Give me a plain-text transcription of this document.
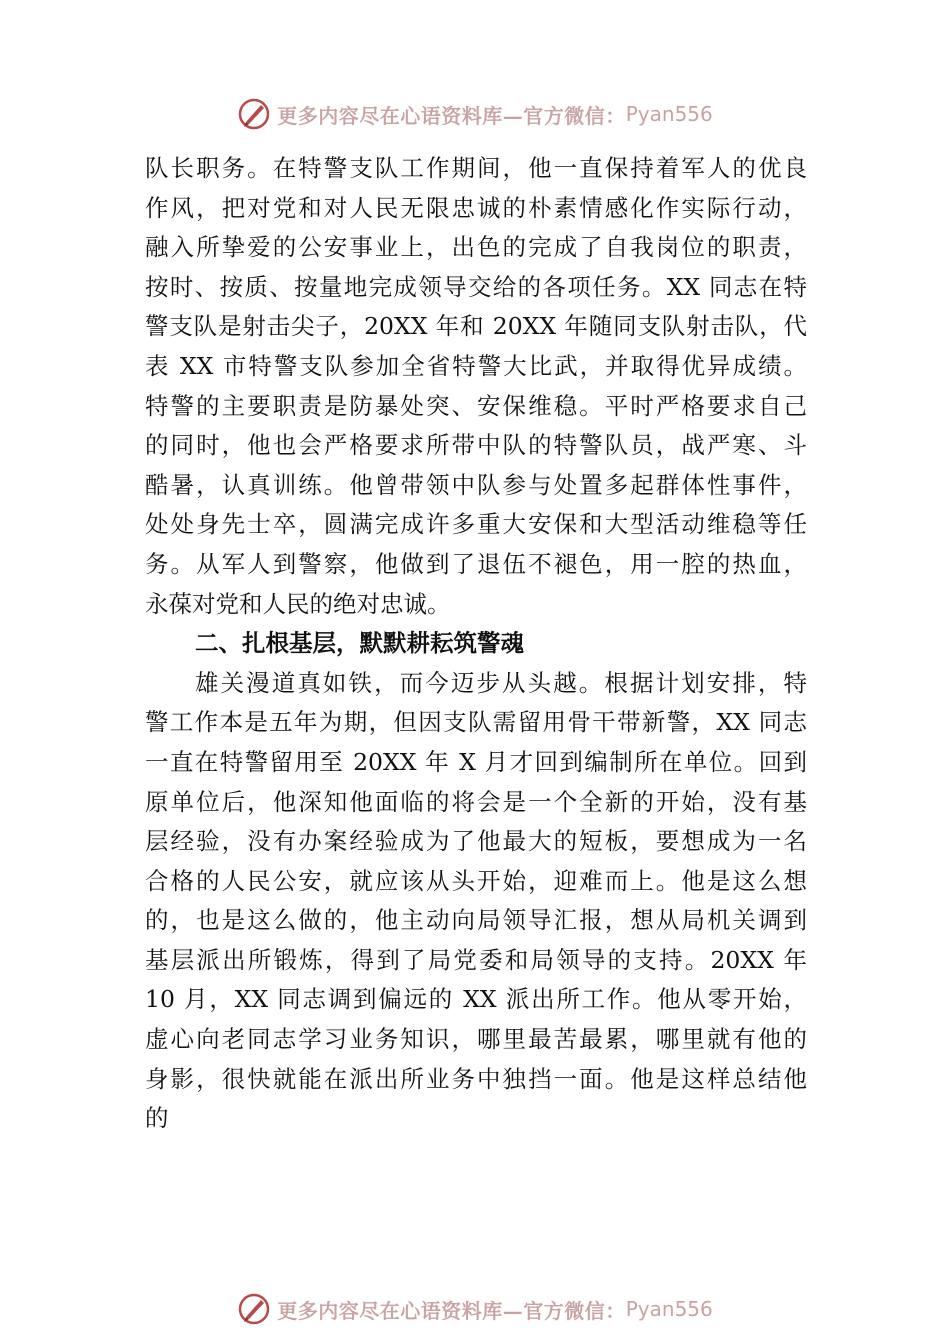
更多内容尽在心语资料库—官方微信： Pyan556
队长职务。在特警支队工作期间，他一直保持着军人的优良
作风，把对党和对人民无限忠诚的朴素情感化作实际行动，
融入所挚爱的公安事业上，出色的完成了自我岗位的职责，
按时、按质、按量地完成领导交给的各项任务。XX 同志在特
警支队是射击尖子，20XX 年和 20XX 年随同支队射击队，代
表 XX 市特警支队参加全省特警大比武，并取得优异成绩。
特警的主要职责是防暴处突、安保维稳。平时严格要求自己
的同时，他也会严格要求所带中队的特警队员，战严寒、斗
酷暑，认真训练。他曾带领中队参与处置多起群体性事件，
处处身先士卒，圆满完成许多重大安保和大型活动维稳等任
务。从军人到警察，他做到了退伍不褪色，用一腔的热血，
永葆对党和人民的绝对忠诚。
二、扎根基层，默默耕耘筑警魂
雄关漫道真如铁，而今迈步从头越。根据计划安排，特
警工作本是五年为期，但因支队需留用骨干带新警，XX 同志
一直在特警留用至 20XX 年 X 月才回到编制所在单位。回到
原单位后，他深知他面临的将会是一个全新的开始，没有基
层经验，没有办案经验成为了他最大的短板，要想成为一名
合格的人民公安，就应该从头开始，迎难而上。他是这么想
的，也是这么做的，他主动向局领导汇报，想从局机关调到
基层派出所锻炼，得到了局党委和局领导的支持。20XX 年
10 月，XX 同志调到偏远的 XX 派出所工作。他从零开始，
虚心向老同志学习业务知识，哪里最苦最累，哪里就有他的
身影，很快就能在派出所业务中独挡一面。他是这样总结他
的
更多内容尽在心语资料库—官方微信： Pyan556
